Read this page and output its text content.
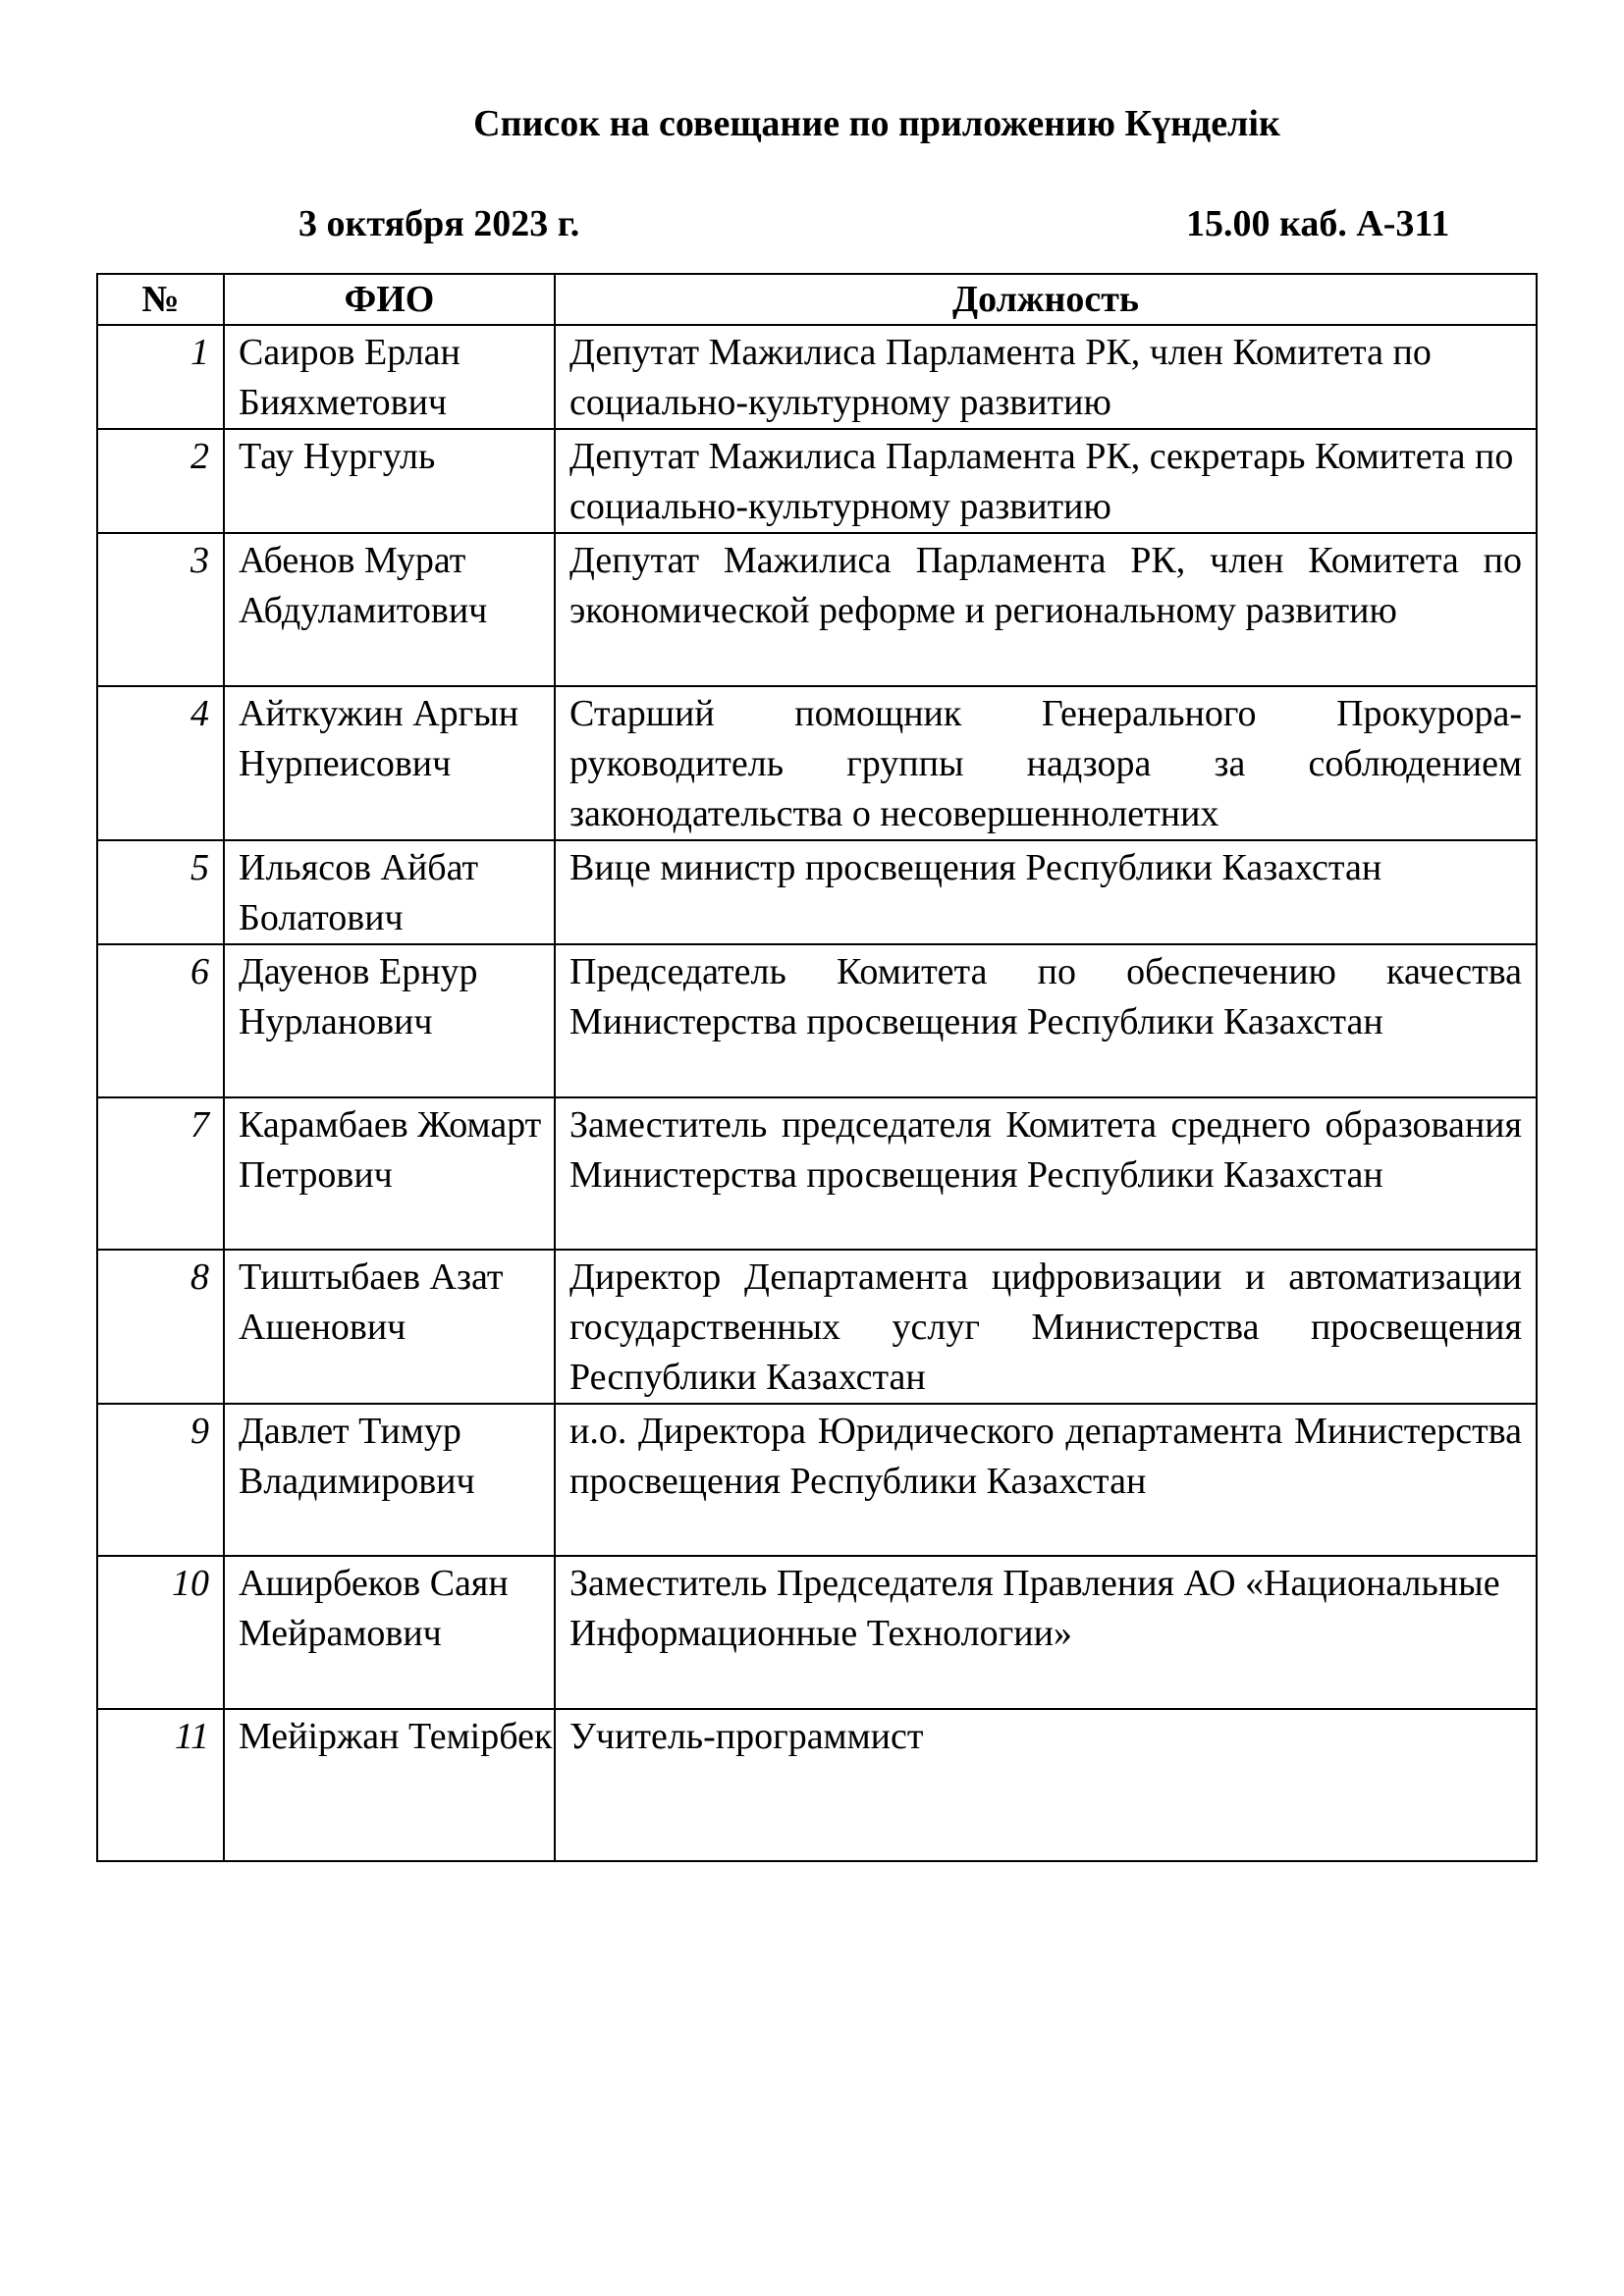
Список на совещание по приложению Күнделік
3 октября 2023 г.	15.00 каб. А-311
№	ФИО	Должность
1	Саиров Ерлан Бияхметович	Депутат Мажилиса Парламента РК, член Комитета по социально-культурному развитию
2	Тау Нургуль	Депутат Мажилиса Парламента РК, секретарь Комитета по социально-культурному развитию
3	Абенов Мурат Абдуламитович	Депутат Мажилиса Парламента РК, член Комитета по экономической реформе и региональному развитию
4	Айткужин Аргын Нурпеисович	Старший помощник Генерального Прокурора-руководитель группы надзора за соблюдением законодательства о несовершеннолетних
5	Ильясов Айбат Болатович	Вице министр просвещения Республики Казахстан
6	Дауенов Ернур Нурланович	Председатель Комитета по обеспечению качества Министерства просвещения Республики Казахстан
7	Карамбаев Жомарт Петрович	Заместитель председателя Комитета среднего образования Министерства просвещения Республики Казахстан
8	Тиштыбаев Азат Ашенович	Директор Департамента цифровизации и автоматизации государственных услуг Министерства просвещения Республики Казахстан
9	Давлет Тимур Владимирович	и.о. Директора Юридического департамента Министерства просвещения Республики Казахстан
10	Аширбеков Саян Мейрамович	Заместитель Председателя Правления АО «Национальные Информационные Технологии»
11	Мейіржан Темірбек	Учитель-программист
